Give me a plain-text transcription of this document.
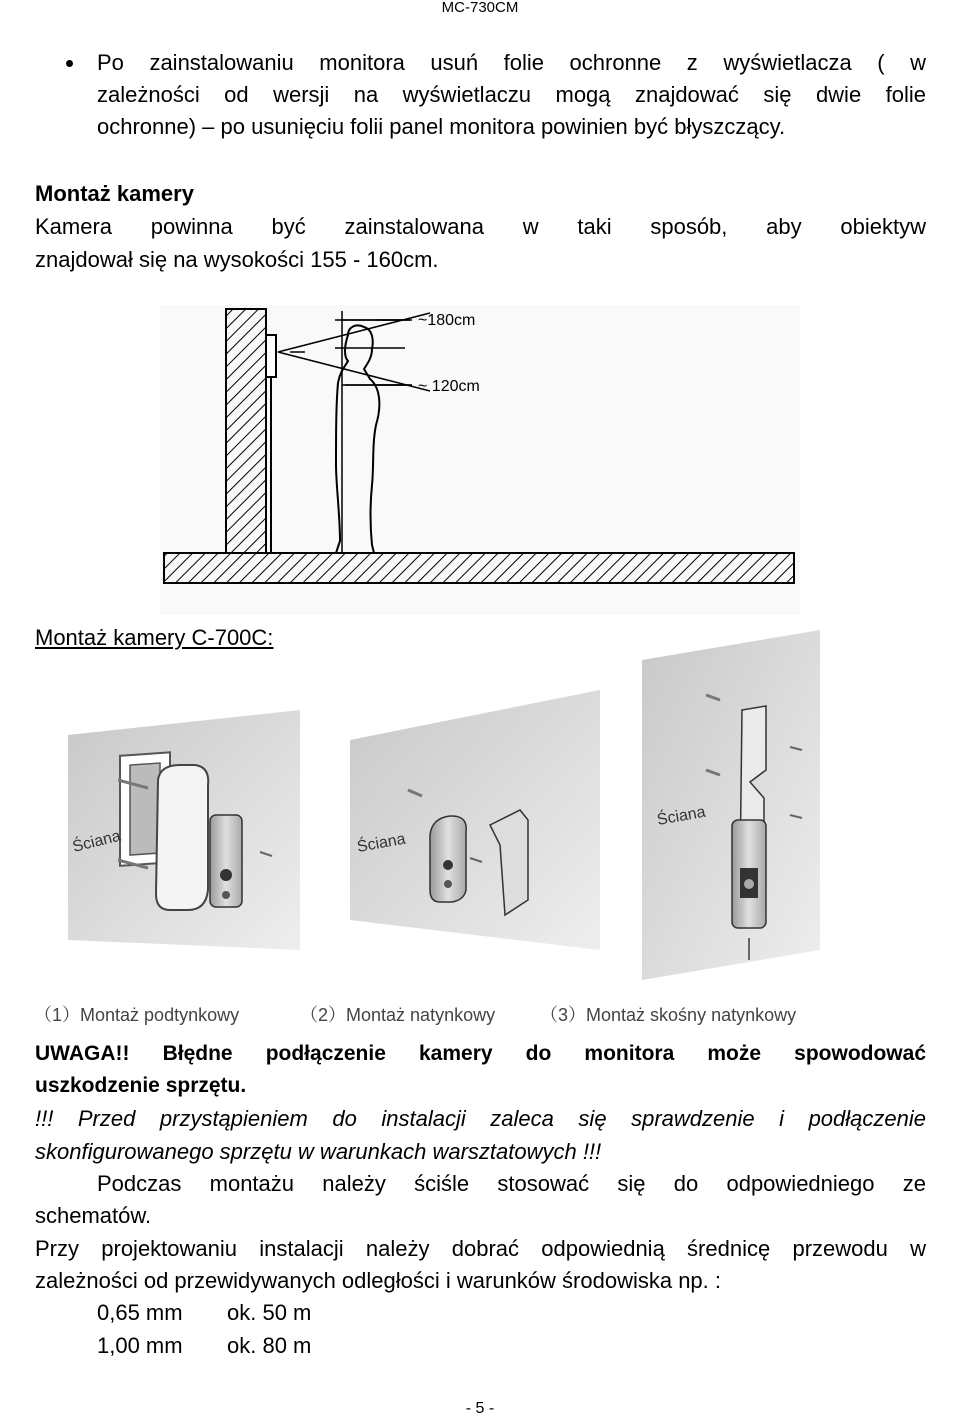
MC-730CM
Po zainstalowaniu monitora usuń folie ochronne z wyświetlacza ( w
zależności od wersji na wyświetlaczu mogą znajdować się dwie folie
ochronne) – po usunięciu folii panel monitora powinien być błyszczący.
Montaż kamery
Kamera powinna być zainstalowana w taki sposób, aby obiektyw
znajdował się na wysokości 155 - 160cm.
~180cm
~ 120cm
Montaż kamery C-700C:
Ściana	Ściana
Ściana
（1）Montaż podtynkowy	（2）Montaż natynkowy （3）Montaż skośny natynkowy
UWAGA!! Błędne podłączenie kamery do monitora może spowodować
uszkodzenie sprzętu.
!!! Przed przystąpieniem do instalacji zaleca się sprawdzenie i podłączenie
skonfigurowanego sprzętu w warunkach warsztatowych !!!
Podczas montażu należy ściśle stosować się do odpowiedniego ze
schematów.
Przy projektowaniu instalacji należy dobrać odpowiednią średnicę przewodu w
zależności od przewidywanych odległości i warunków środowiska np. :
0,65 mm ok. 50 m
1,00 mm ok. 80 m
- 5 -
